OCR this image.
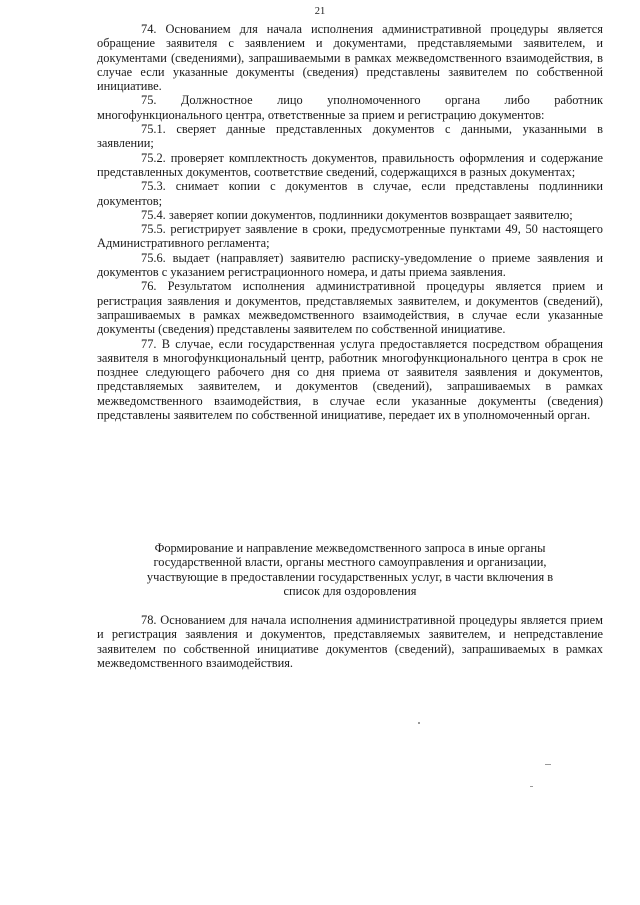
21

74. Основанием для начала исполнения административной процедуры является обращение заявителя с заявлением и документами, представляемыми заявителем, и документами (сведениями), запрашиваемыми в рамках межведомственного взаимодействия, в случае если указанные документы (сведения) представлены заявителем по собственной инициативе.

75. Должностное лицо уполномоченного органа либо работник многофункционального центра, ответственные за прием и регистрацию документов:

75.1. сверяет данные представленных документов с данными, указанными в заявлении;

75.2. проверяет комплектность документов, правильность оформления и содержание представленных документов, соответствие сведений, содержащихся в разных документах;

75.3. снимает копии с документов в случае, если представлены подлинники документов;

75.4. заверяет копии документов, подлинники документов возвращает заявителю;

75.5. регистрирует заявление в сроки, предусмотренные пунктами 49, 50 настоящего Административного регламента;

75.6. выдает (направляет) заявителю расписку-уведомление о приеме заявления и документов с указанием регистрационного номера, и даты приема заявления.

76. Результатом исполнения административной процедуры является прием и регистрация заявления и документов, представляемых заявителем, и документов (сведений), запрашиваемых в рамках межведомственного взаимодействия, в случае если указанные документы (сведения) представлены заявителем по собственной инициативе.

77. В случае, если государственная услуга предоставляется посредством обращения заявителя в многофункциональный центр, работник многофункционального центра в срок не позднее следующего рабочего дня со дня приема от заявителя заявления и документов, представляемых заявителем, и документов (сведений), запрашиваемых в рамках межведомственного взаимодействия, в случае если указанные документы (сведения) представлены заявителем по собственной инициативе, передает их в уполномоченный орган.

Формирование и направление межведомственного запроса в иные органы

государственной власти, органы местного самоуправления и организации,

участвующие в предоставлении государственных услуг, в части включения в

список для оздоровления

78. Основанием для начала исполнения административной процедуры является прием и регистрация заявления и документов, представляемых заявителем, и непредставление заявителем по собственной инициативе документов (сведений), запрашиваемых в рамках межведомственного взаимодействия.
